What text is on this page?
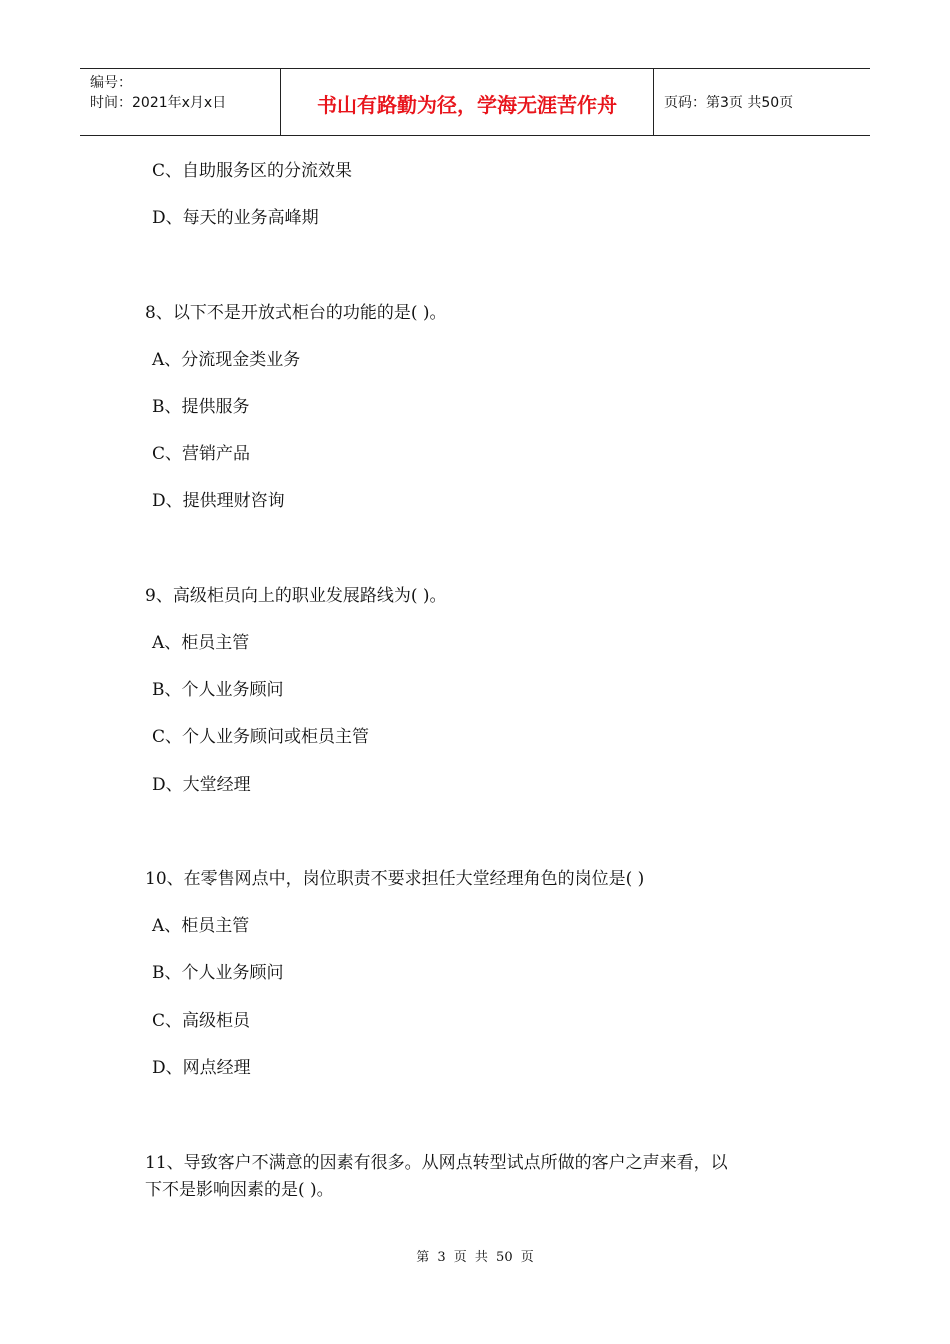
编号：
时间：2021年x月x日	书山有路勤为径，学海无涯苦作舟	页码：第3页 共50页
C、自助服务区的分流效果
D、每天的业务高峰期
8、以下不是开放式柜台的功能的是( )。
A、分流现金类业务
B、提供服务
C、营销产品
D、提供理财咨询
9、高级柜员向上的职业发展路线为( )。
A、柜员主管
B、个人业务顾问
C、个人业务顾问或柜员主管
D、大堂经理
10、在零售网点中，岗位职责不要求担任大堂经理角色的岗位是( )
A、柜员主管
B、个人业务顾问
C、高级柜员
D、网点经理
11、导致客户不满意的因素有很多。从网点转型试点所做的客户之声来看，以
下不是影响因素的是( )。
第 3 页 共 50 页
